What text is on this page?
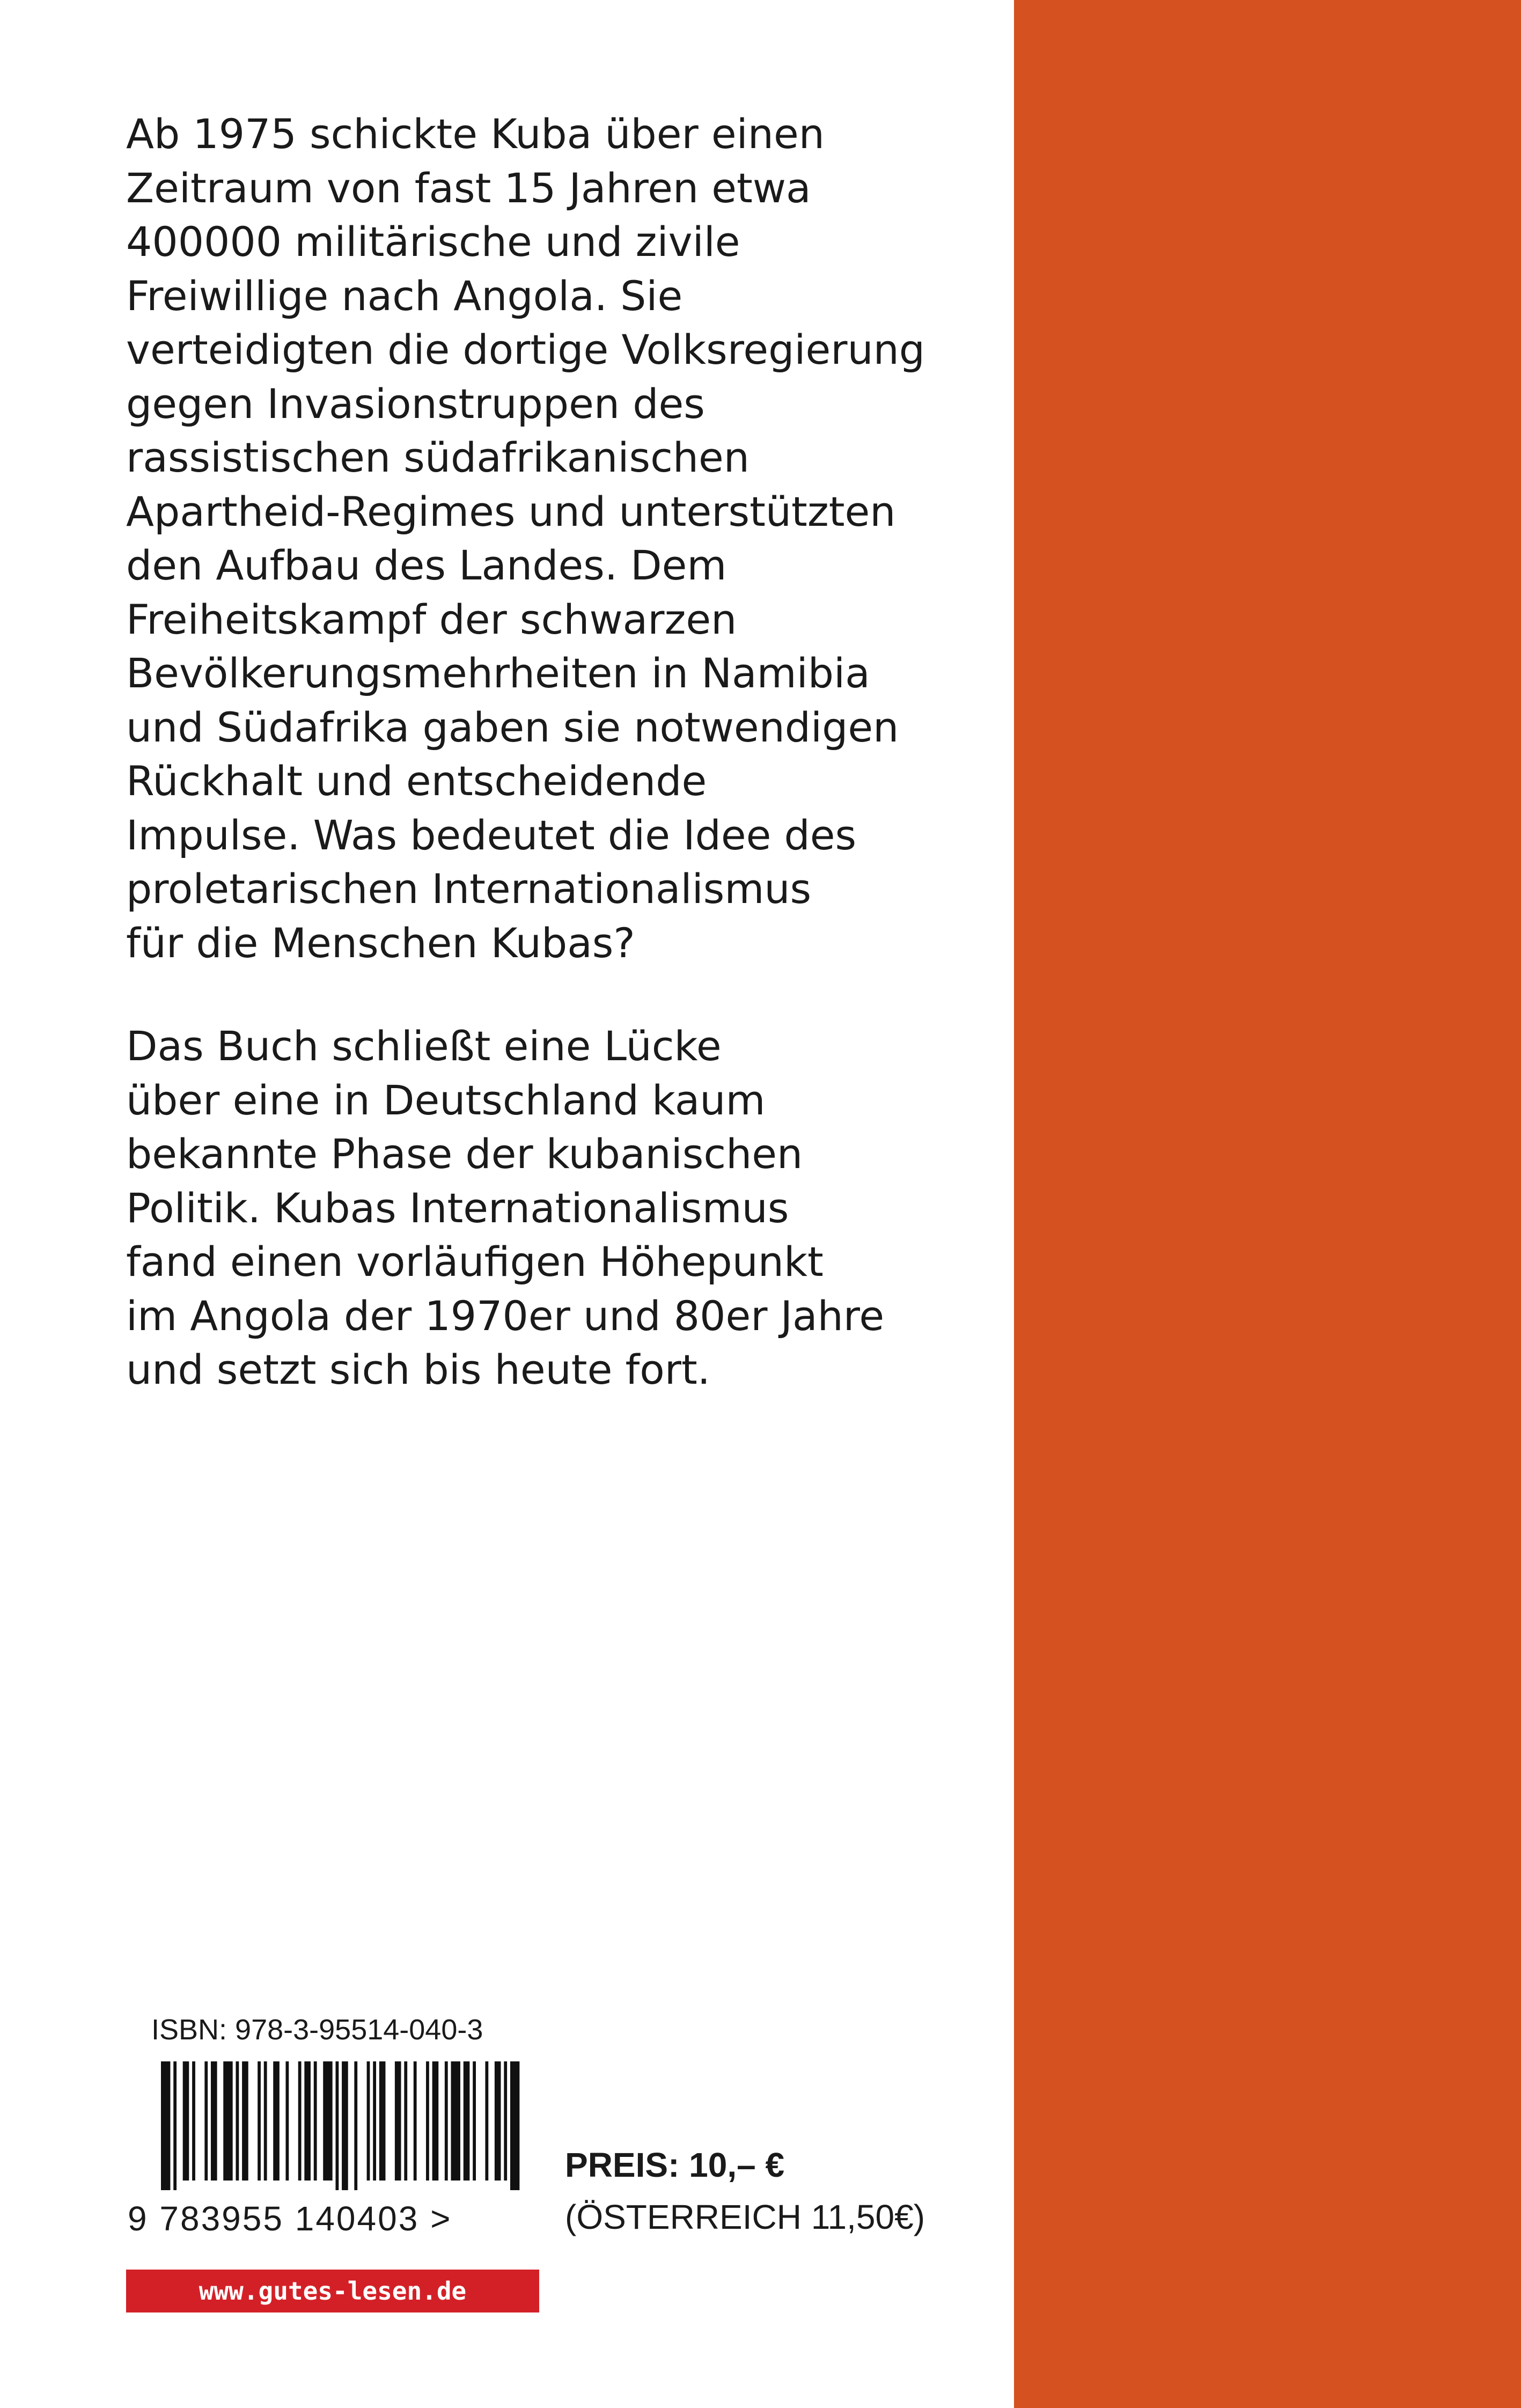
Ab 1975 schickte Kuba über einen
Zeitraum von fast 15 Jahren etwa
400000 militärische und zivile
Freiwillige nach Angola. Sie
verteidigten die dortige Volksregierung
gegen Invasionstruppen des
rassistischen südafrikanischen
Apartheid-Regimes und unterstützten
den Aufbau des Landes. Dem
Freiheitskampf der schwarzen
Bevölkerungsmehrheiten in Namibia
und Südafrika gaben sie notwendigen
Rückhalt und entscheidende
Impulse. Was bedeutet die Idee des
proletarischen Internationalismus
für die Menschen Kubas?
Das Buch schließt eine Lücke
über eine in Deutschland kaum
bekannte Phase der kubanischen
Politik. Kubas Internationalismus
fand einen vorläufigen Höhepunkt
im Angola der 1970er und 80er Jahre
und setzt sich bis heute fort.
ISBN: 978-3-95514-040-3
9 783955 140403 >
PREIS: 10,– €
(ÖSTERREICH 11,50€)
www.gutes-lesen.de
